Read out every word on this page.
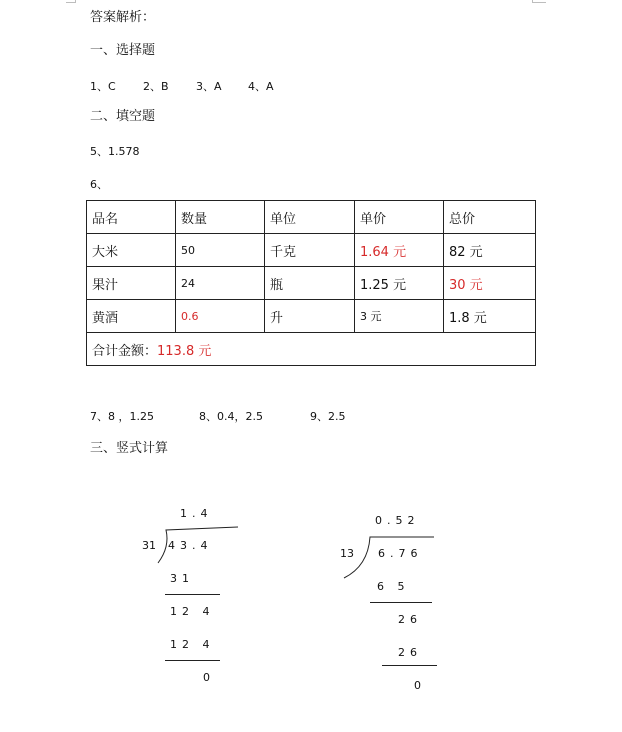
答案解析：
一、选择题
1、C 2、B 3、A 4、A
二、填空题
5、1.578
6、
品名	数量	单位	单价	总价
大米	50	千克	1.64 元	82 元
果汁	24	瓶	1.25 元	30 元
黄酒	0.6	升	3 元	1.8 元
合计金额：113.8 元				
7、8 ，1.25	8、0.4，2.5	9、2.5
三、竖式计算
1.4
31 43.4
31
12 4
12 4
0
0.52
13 6.76
6 5
26
26
0
